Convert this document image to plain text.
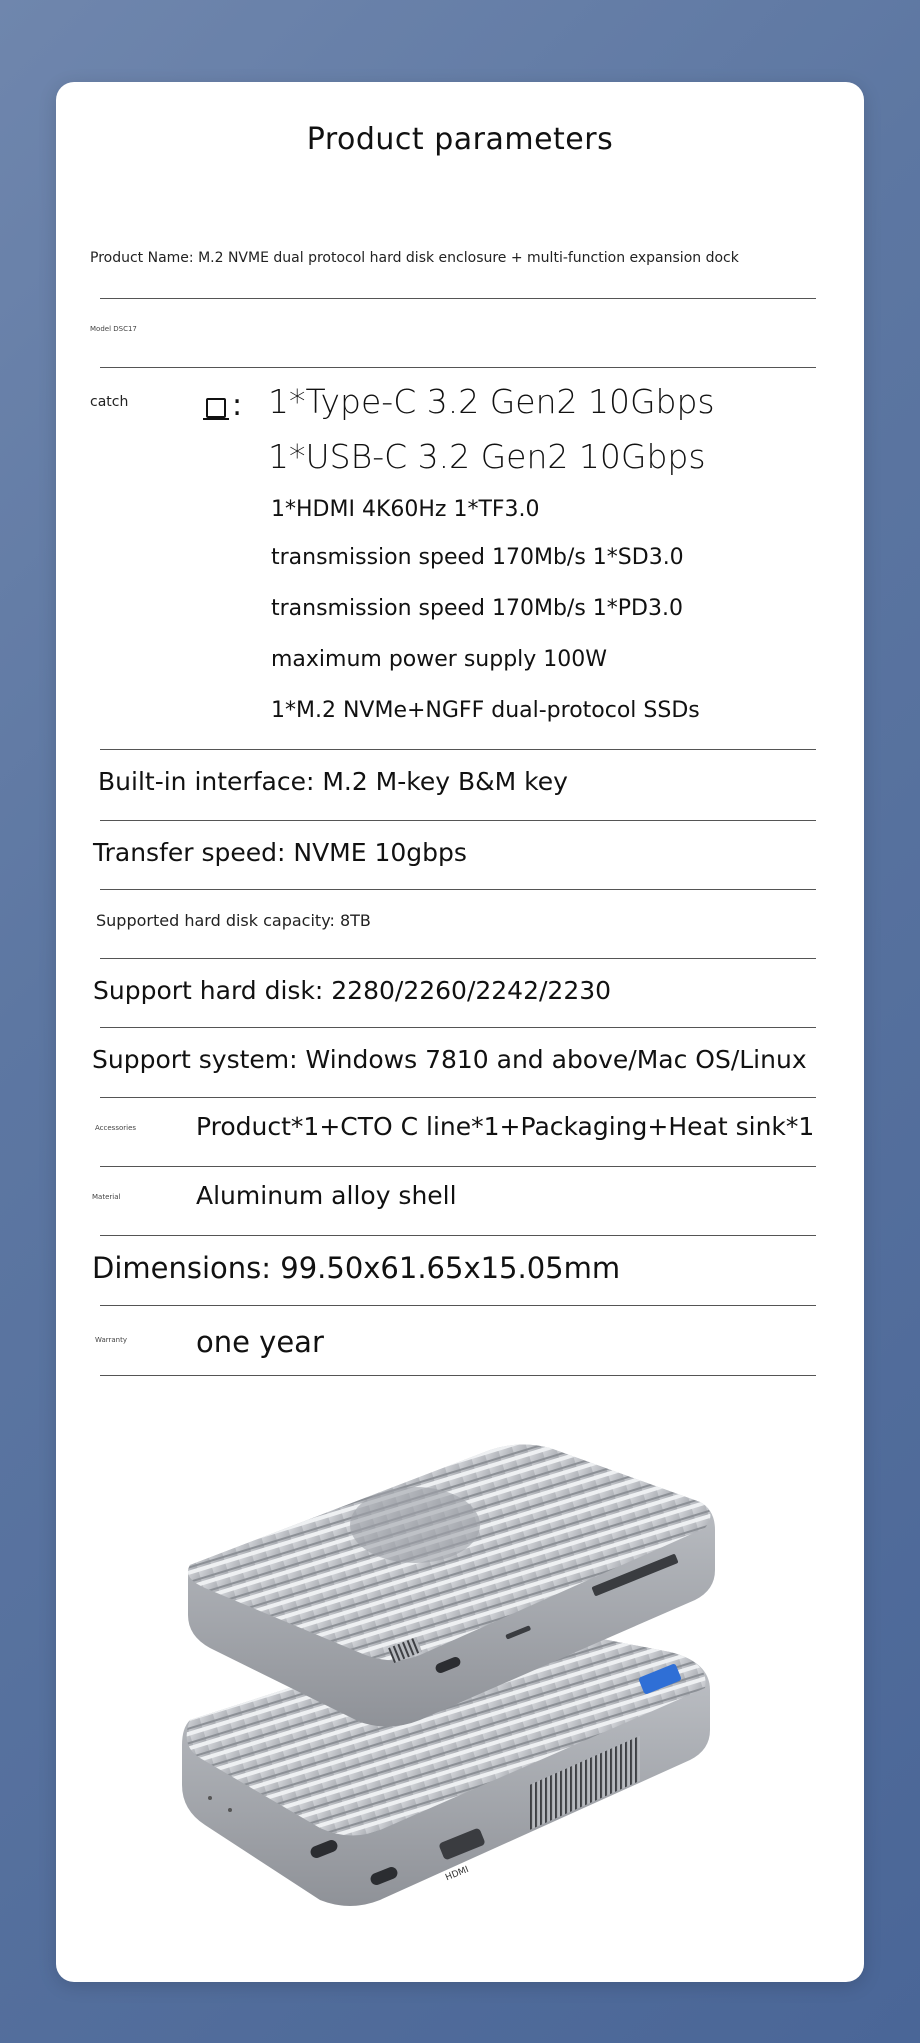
Product parameters
Product Name: M.2 NVME dual protocol hard disk enclosure + multi-function expansion dock
Model DSC17
catch	: 1*Type-C 3.2 Gen2 10Gbps
1*USB-C 3.2 Gen2 10Gbps
1*HDMI 4K60Hz 1*TF3.0
transmission speed 170Mb/s 1*SD3.0
transmission speed 170Mb/s 1*PD3.0
maximum power supply 100W
1*M.2 NVMe+NGFF dual-protocol SSDs
Built-in interface: M.2 M-key B&M key
Transfer speed: NVME 10gbps
Supported hard disk capacity: 8TB
Support hard disk: 2280/2260/2242/2230
Support system: Windows 7810 and above/Mac OS/Linux
Accessories Product*1+CTO C line*1+Packaging+Heat sink*1
Material	Aluminum alloy shell
Dimensions: 99.50x61.65x15.05mm
Warranty one year
HDMI
